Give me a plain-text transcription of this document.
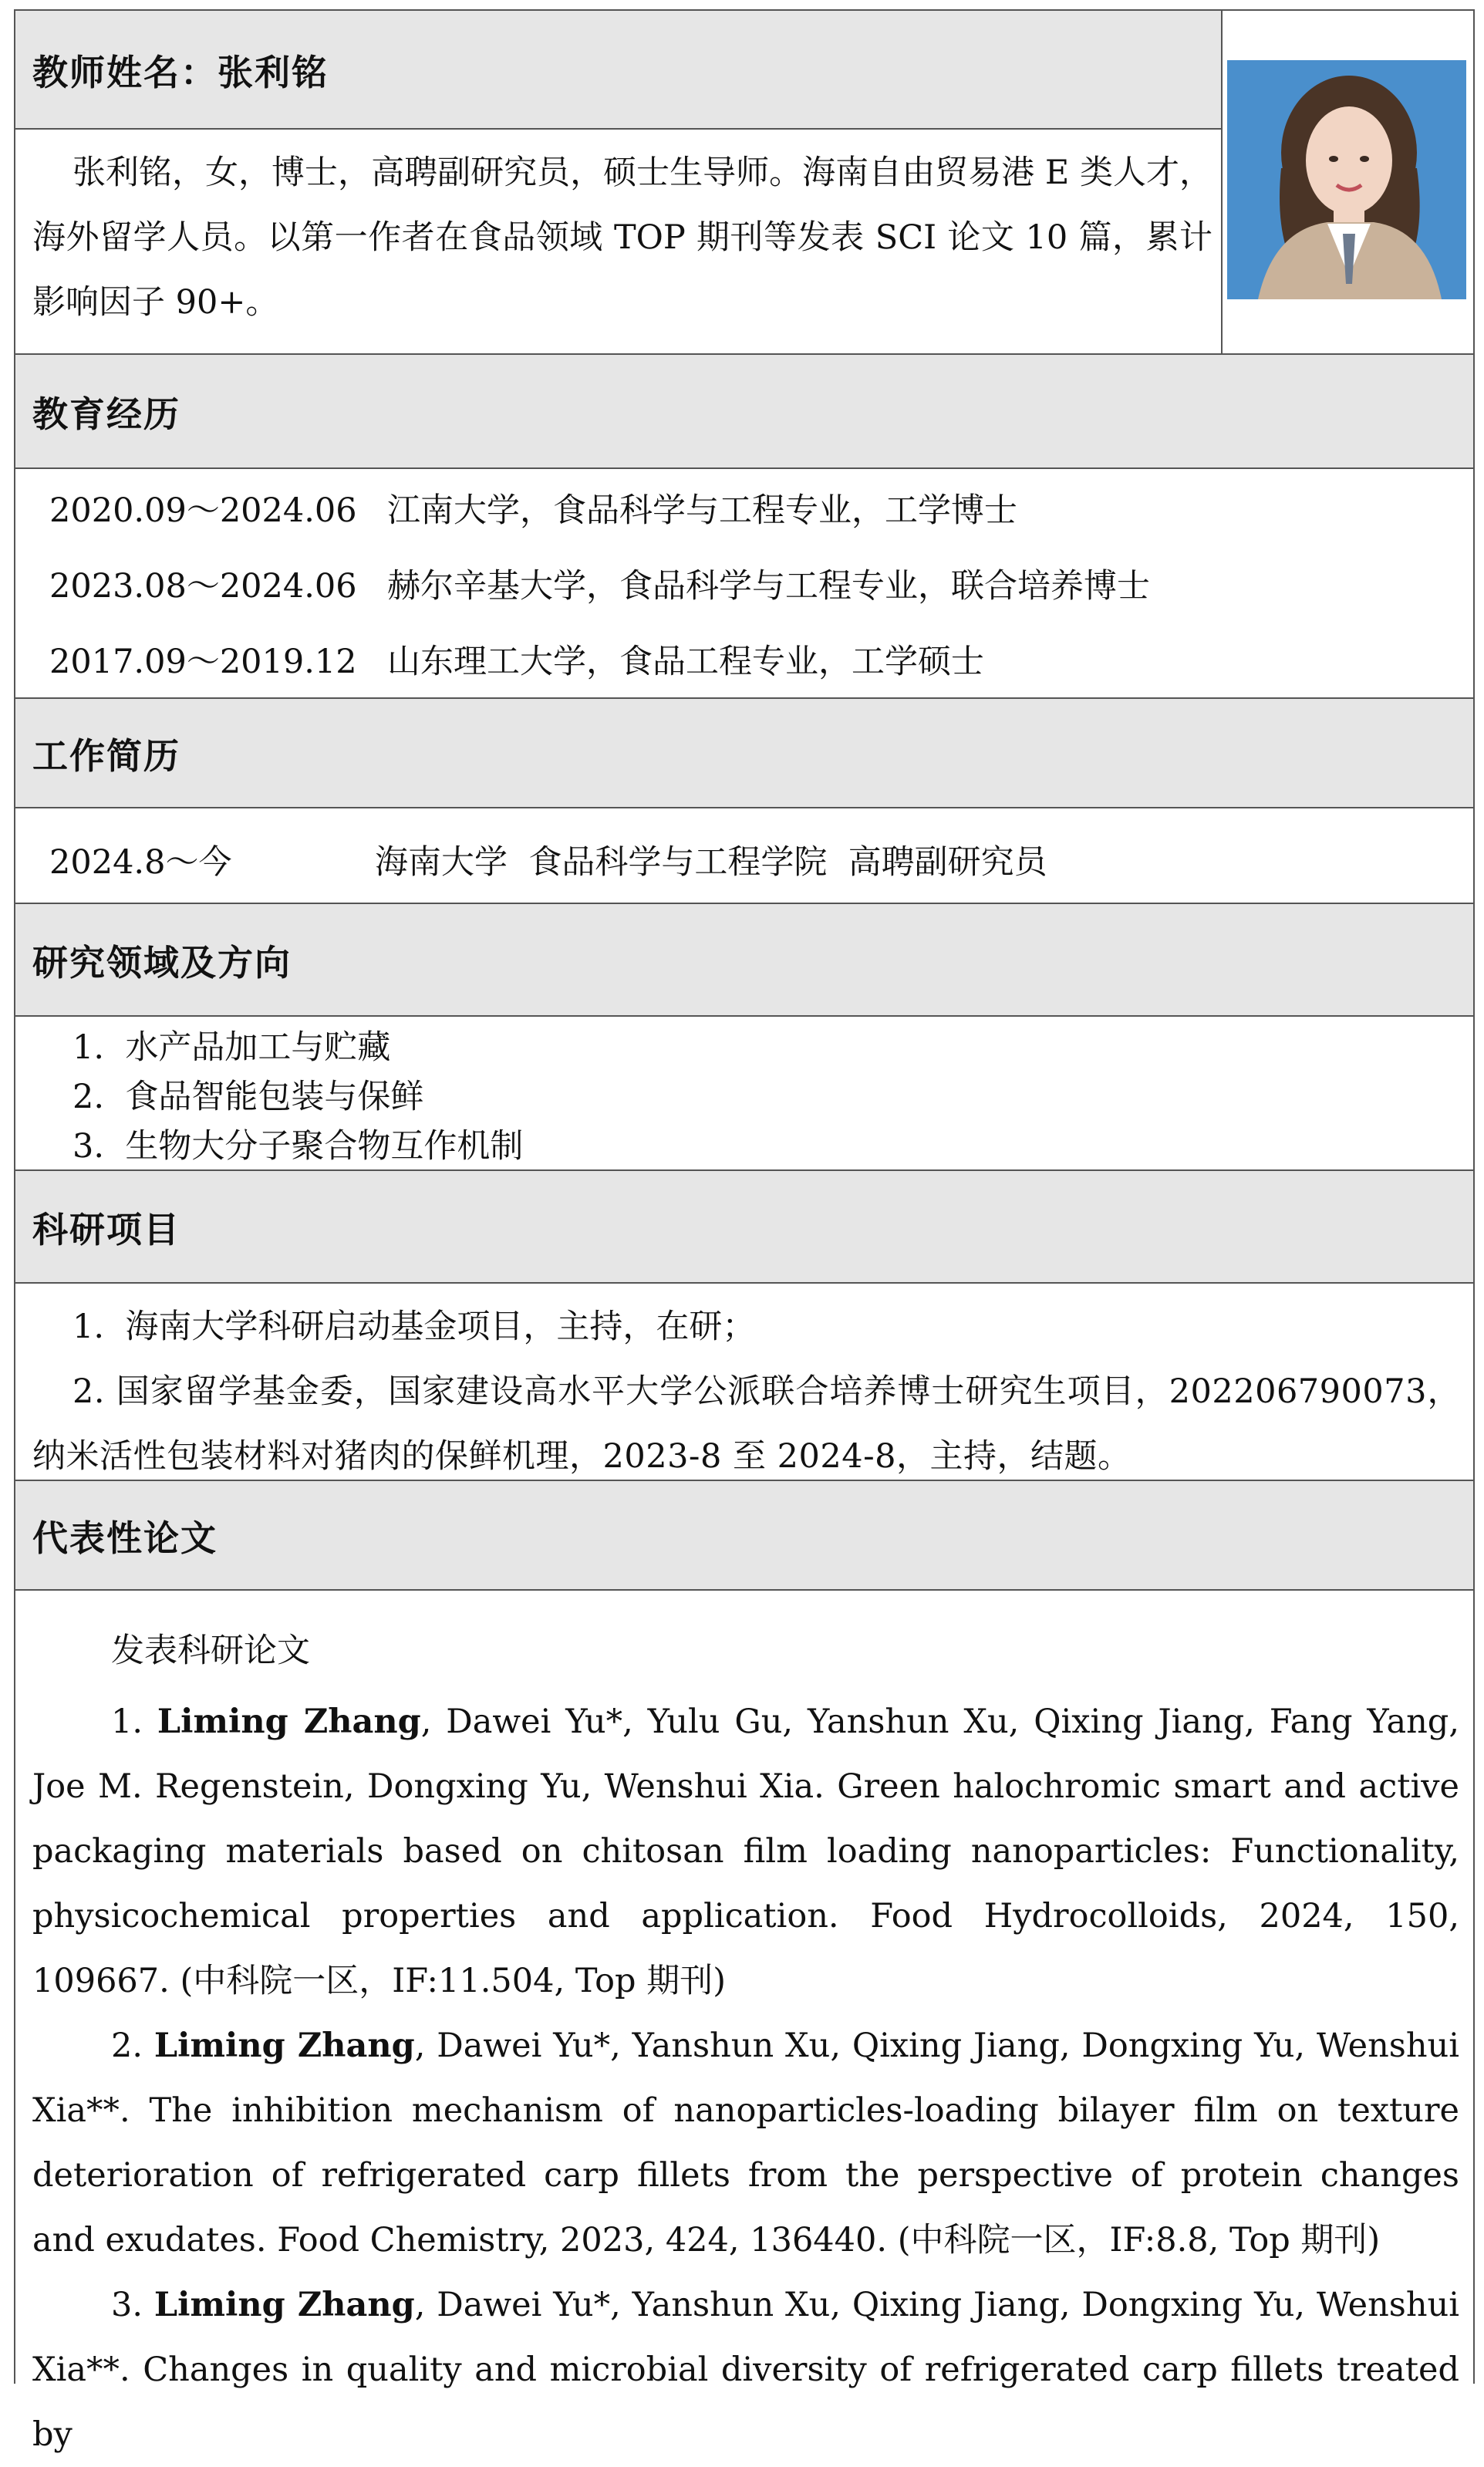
教师姓名：张利铭
张利铭，女，博士，高聘副研究员，硕士生导师。海南自由贸易港 E 类人才，海外留学人员。以第一作者在食品领域 TOP 期刊等发表 SCI 论文 10 篇，累计影响因子 90+。
教育经历
2020.09～2024.06 江南大学，食品科学与工程专业，工学博士
2023.08～2024.06 赫尔辛基大学，食品科学与工程专业，联合培养博士
2017.09～2019.12 山东理工大学，食品工程专业，工学硕士
工作简历
2024.8～今	海南大学  食品科学与工程学院  高聘副研究员
研究领域及方向
1.  水产品加工与贮藏
2.  食品智能包装与保鲜
3.  生物大分子聚合物互作机制
科研项目
1.  海南大学科研启动基金项目，主持，在研；
2. 国家留学基金委，国家建设高水平大学公派联合培养博士研究生项目，202206790073，纳米活性包装材料对猪肉的保鲜机理，2023-8 至 2024-8，主持，结题。
代表性论文
发表科研论文
1. Liming Zhang, Dawei Yu*, Yulu Gu, Yanshun Xu, Qixing Jiang, Fang Yang, Joe M. Regenstein, Dongxing Yu, Wenshui Xia. Green halochromic smart and active packaging materials based on chitosan film loading nanoparticles: Functionality, physicochemical properties and application. Food Hydrocolloids, 2024, 150, 109667. (中科院一区，IF:11.504, Top 期刊)
2. Liming Zhang, Dawei Yu*, Yanshun Xu, Qixing Jiang, Dongxing Yu, Wenshui Xia**. The inhibition mechanism of nanoparticles-loading bilayer film on texture deterioration of refrigerated carp fillets from the perspective of protein changes and exudates. Food Chemistry, 2023, 424, 136440. (中科院一区，IF:8.8, Top 期刊)
3. Liming Zhang, Dawei Yu*, Yanshun Xu, Qixing Jiang, Dongxing Yu, Wenshui Xia**. Changes in quality and microbial diversity of refrigerated carp fillets treated by
